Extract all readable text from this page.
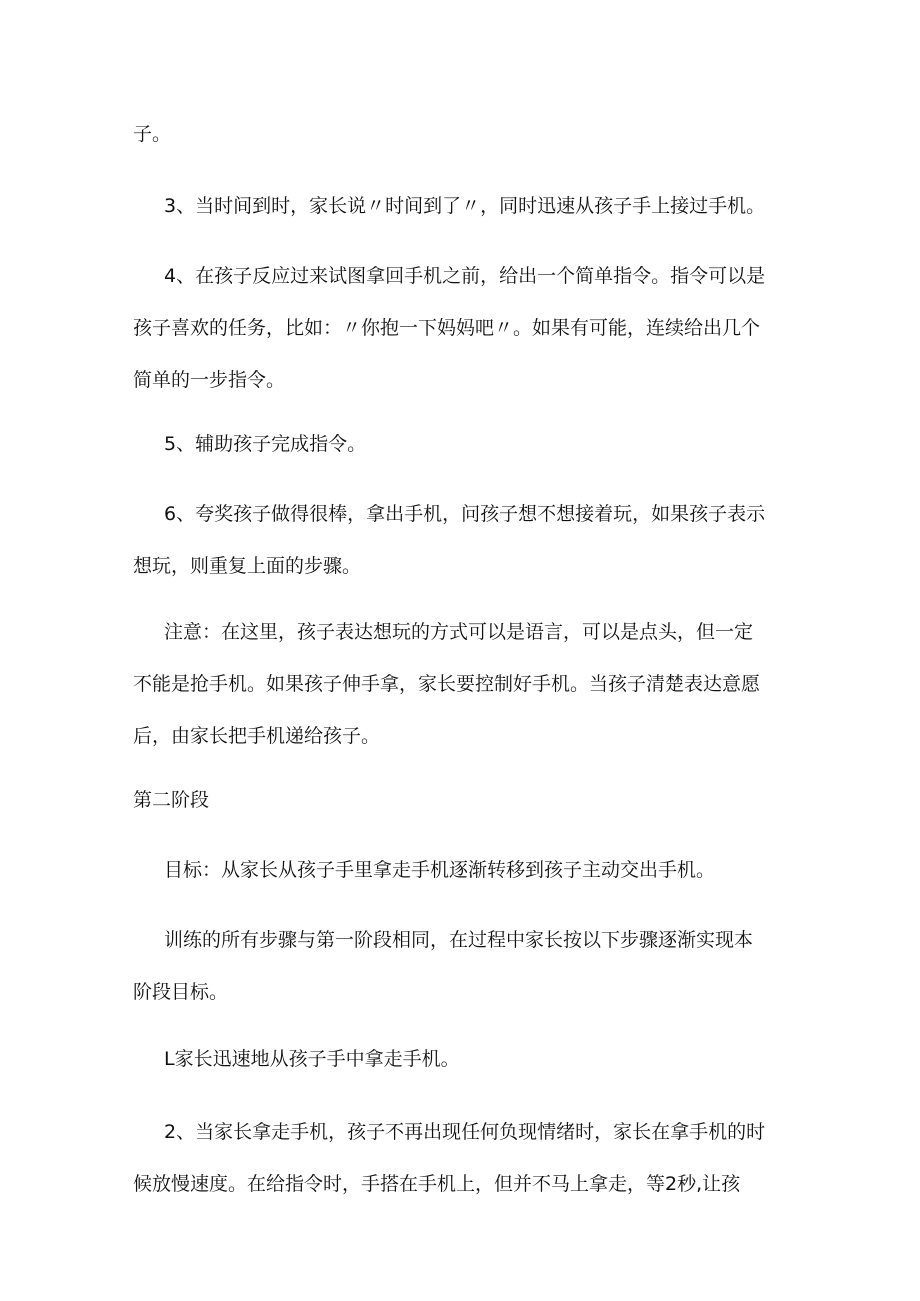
子。

3、当时间到时，家长说〃时间到了〃，同时迅速从孩子手上接过手机。

4、在孩子反应过来试图拿回手机之前，给出一个简单指令。指令可以是
孩子喜欢的任务，比如：〃你抱一下妈妈吧〃。如果有可能，连续给出几个
简单的一步指令。

5、辅助孩子完成指令。

6、夸奖孩子做得很棒，拿出手机，问孩子想不想接着玩，如果孩子表示
想玩，则重复上面的步骤。

注意：在这里，孩子表达想玩的方式可以是语言，可以是点头，但一定
不能是抢手机。如果孩子伸手拿，家长要控制好手机。当孩子清楚表达意愿
后，由家长把手机递给孩子。

第二阶段

目标：从家长从孩子手里拿走手机逐渐转移到孩子主动交出手机。

训练的所有步骤与第一阶段相同，在过程中家长按以下步骤逐渐实现本
阶段目标。

L家长迅速地从孩子手中拿走手机。

2、当家长拿走手机，孩子不再出现任何负现情绪时，家长在拿手机的时
候放慢速度。在给指令时，手搭在手机上，但并不马上拿走，等2秒,让孩
